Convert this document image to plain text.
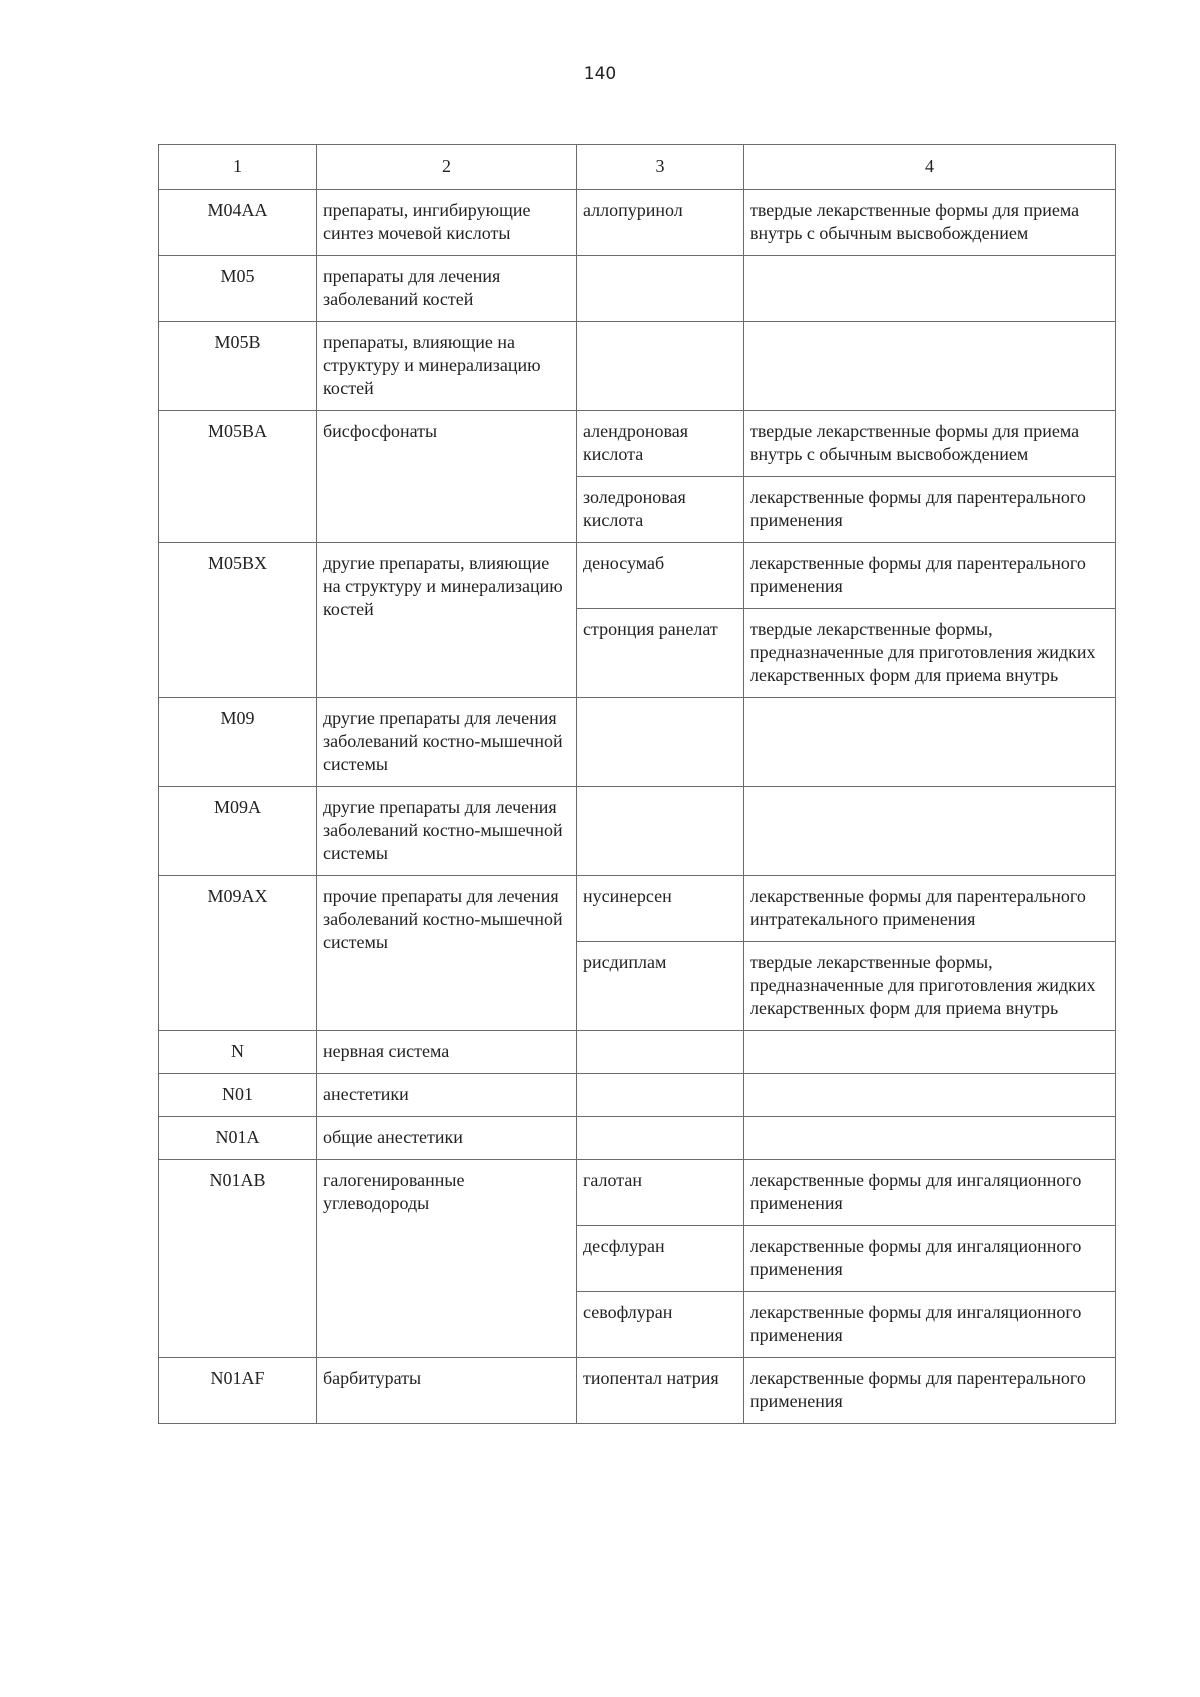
140
1	2	3	4
M04AA	препараты, ингибирующие синтез мочевой кислоты	аллопуринол	твердые лекарственные формы для приема внутрь с обычным высвобождением
M05	препараты для лечения заболеваний костей		
M05B	препараты, влияющие на структуру и минерализацию костей		
M05BA	бисфосфонаты	алендроновая кислота	твердые лекарственные формы для приема внутрь с обычным высвобождением
		золедроновая кислота	лекарственные формы для парентерального применения
M05BX	другие препараты, влияющие на структуру и минерализацию костей	деносумаб	лекарственные формы для парентерального применения
		стронция ранелат	твердые лекарственные формы, предназначенные для приготовления жидких лекарственных форм для приема внутрь
M09	другие препараты для лечения заболеваний костно-мышечной системы		
M09A	другие препараты для лечения заболеваний костно-мышечной системы		
M09AX	прочие препараты для лечения заболеваний костно-мышечной системы	нусинерсен	лекарственные формы для парентерального интратекального применения
		рисдиплам	твердые лекарственные формы, предназначенные для приготовления жидких лекарственных форм для приема внутрь
N	нервная система		
N01	анестетики		
N01A	общие анестетики		
N01AB	галогенированные углеводороды	галотан	лекарственные формы для ингаляционного применения
		десфлуран	лекарственные формы для ингаляционного применения
		севофлуран	лекарственные формы для ингаляционного применения
N01AF	барбитураты	тиопентал натрия	лекарственные формы для парентерального применения
